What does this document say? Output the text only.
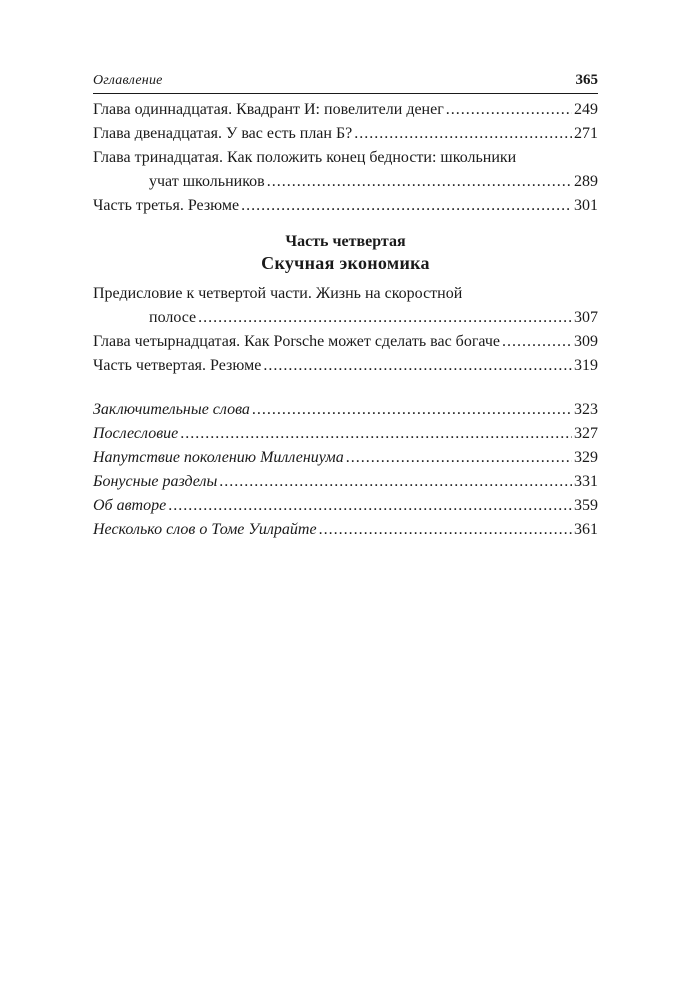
Оглавление	365
Глава одиннадцатая. Квадрант И: повелители денег .....	249
Глава двенадцатая. У вас есть план Б? .....	271
Глава тринадцатая. Как положить конец бедности: школьники
учат школьников .....	289
Часть третья. Резюме .....	301
Часть четвертая
Скучная экономика
Предисловие к четвертой части. Жизнь на скоростной
полосе .....	307
Глава четырнадцатая. Как Porsche может сделать вас богаче .....	309
Часть четвертая. Резюме .....	319
Заключительные слова .....	323
Послесловие .....	327
Напутствие поколению Миллениума .....	329
Бонусные разделы .....	331
Об авторе .....	359
Несколько слов о Томе Уилрайте .....	361
